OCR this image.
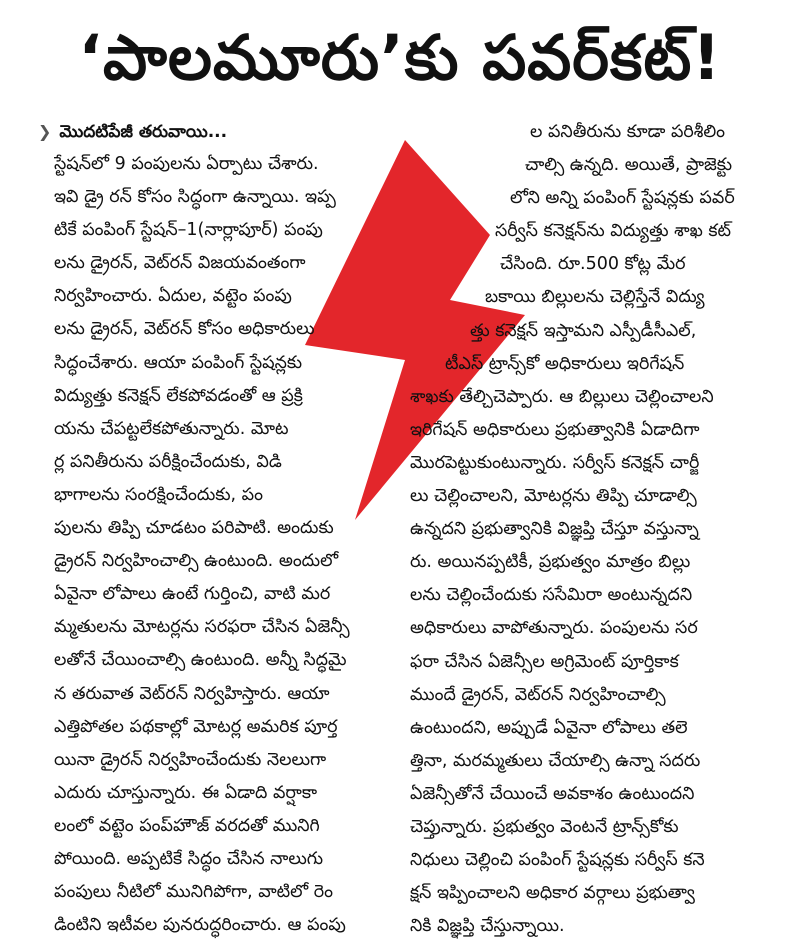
‘పాలమూరు’కు పవర్‌కట్‌!
❯ మొదటిపేజీ తరువాయి...
స్టేషన్‌లో 9 పంపులను ఏర్పాటు చేశారు.
ఇవి డ్రై రన్‌ కోసం సిద్ధంగా ఉన్నాయి. ఇప్ప
టికే పంపింగ్‌ స్టేషన్‌–1(నార్లాపూర్‌) పంపు
లను డ్రైరన్‌, వెట్‌రన్‌ విజయవంతంగా
నిర్వహించారు. ఏదుల, వట్టెం పంపు
లను డ్రైరన్‌, వెట్‌రన్‌ కోసం అధికారులు
సిద్ధంచేశారు. ఆయా పంపింగ్‌ స్టేషన్లకు
విద్యుత్తు కనెక్షన్‌ లేకపోవడంతో ఆ ప్రక్రి
యను చేపట్టలేకపోతున్నారు. మోట
ర్ల పనితీరును పరీక్షించేందుకు, విడి
భాగాలను సంరక్షించేందుకు, పం
పులను తిప్పి చూడటం పరిపాటి. అందుకు
డ్రైరన్‌ నిర్వహించాల్సి ఉంటుంది. అందులో
ఏవైనా లోపాలు ఉంటే గుర్తించి, వాటి మర
మ్మతులను మోటర్లను సరఫరా చేసిన ఏజెన్సీ
లతోనే చేయించాల్సి ఉంటుంది. అన్నీ సిద్ధమై
న తరువాత వెట్‌రన్‌ నిర్వహిస్తారు. ఆయా
ఎత్తిపోతల పథకాల్లో మోటర్ల అమరిక పూర్త
యినా డ్రైరన్‌ నిర్వహించేందుకు నెలలుగా
ఎదురు చూస్తున్నారు. ఈ ఏడాది వర్షాకా
లంలో వట్టెం పంప్‌హౌజ్‌ వరదతో మునిగి
పోయింది. అప్పటికే సిద్ధం చేసిన నాలుగు
పంపులు నీటిలో మునిగిపోగా, వాటిలో రెం
డింటిని ఇటీవల పునరుద్ధరించారు. ఆ పంపు
ల పనితీరును కూడా పరిశీలిం
చాల్సి ఉన్నది. అయితే, ప్రాజెక్టు
లోని అన్ని పంపింగ్‌ స్టేషన్లకు పవర్‌
సర్వీస్‌ కనెక్షన్‌ను విద్యుత్తు శాఖ కట్‌
చేసింది. రూ.500 కోట్ల మేర
బకాయి బిల్లులను చెల్లిస్తేనే విద్యు
త్తు కనెక్షన్‌ ఇస్తామని ఎస్పీడీసీఎల్‌,
టీఎస్‌ ట్రాన్స్‌కో అధికారులు ఇరిగేషన్‌
శాఖకు తేల్చిచెప్పారు. ఆ బిల్లులు చెల్లించాలని
ఇరిగేషన్‌ అధికారులు ప్రభుత్వానికి ఏడాదిగా
మొరపెట్టుకుంటున్నారు. సర్వీస్‌ కనెక్షన్‌ చార్జీ
లు చెల్లించాలని, మోటర్లను తిప్పి చూడాల్సి
ఉన్నదని ప్రభుత్వానికి విజ్ఞప్తి చేస్తూ వస్తున్నా
రు. అయినప్పటికీ, ప్రభుత్వం మాత్రం బిల్లు
లను చెల్లించేందుకు ససేమిరా అంటున్నదని
అధికారులు వాపోతున్నారు. పంపులను సర
ఫరా చేసిన ఏజెన్సీల అగ్రిమెంట్‌ పూర్తికాక
ముందే డ్రైరన్‌, వెట్‌రన్‌ నిర్వహించాల్సి
ఉంటుందని, అప్పుడే ఏవైనా లోపాలు తలె
త్తినా, మరమ్మతులు చేయాల్సి ఉన్నా సదరు
ఏజెన్సీతోనే చేయించే అవకాశం ఉంటుందని
చెప్తున్నారు. ప్రభుత్వం వెంటనే ట్రాన్స్‌కోకు
నిధులు చెల్లించి పంపింగ్‌ స్టేషన్లకు సర్వీస్‌ కనె
క్షన్‌ ఇప్పించాలని అధికార వర్గాలు ప్రభుత్వా
నికి విజ్ఞప్తి చేస్తున్నాయి.
